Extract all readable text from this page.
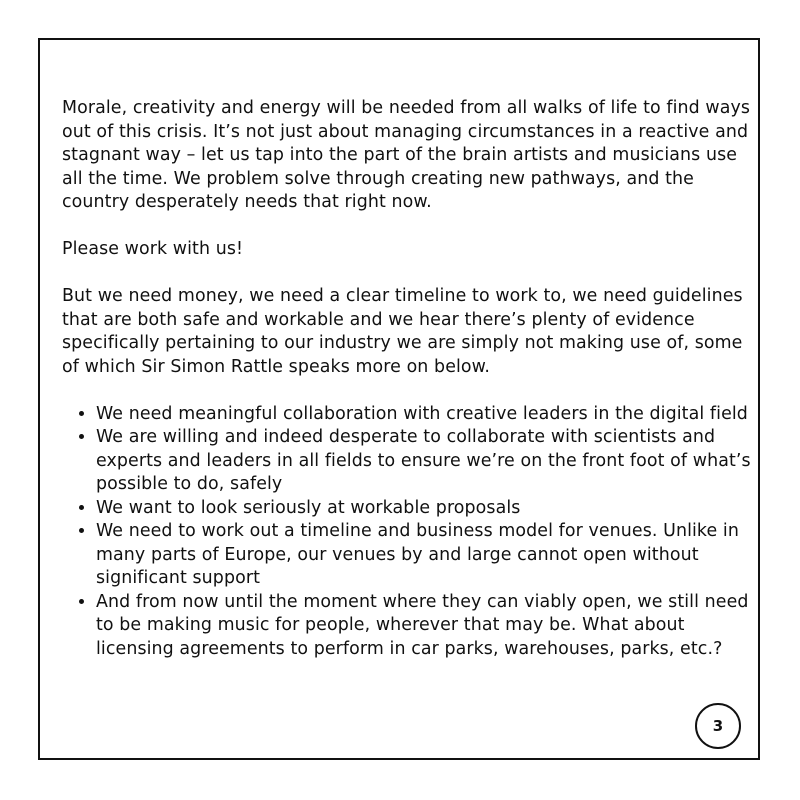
Morale, creativity and energy will be needed from all walks of life to find ways out of this crisis. It’s not just about managing circumstances in a reactive and stagnant way – let us tap into the part of the brain artists and musicians use all the time. We problem solve through creating new pathways, and the country desperately needs that right now.

Please work with us!

But we need money, we need a clear timeline to work to, we need guidelines that are both safe and workable and we hear there’s plenty of evidence specifically pertaining to our industry we are simply not making use of, some of which Sir Simon Rattle speaks more on below.

• We need meaningful collaboration with creative leaders in the digital field
• We are willing and indeed desperate to collaborate with scientists and experts and leaders in all fields to ensure we’re on the front foot of what’s possible to do, safely
• We want to look seriously at workable proposals
• We need to work out a timeline and business model for venues. Unlike in many parts of Europe, our venues by and large cannot open without significant support
• And from now until the moment where they can viably open, we still need to be making music for people, wherever that may be. What about licensing agreements to perform in car parks, warehouses, parks, etc.?
3
